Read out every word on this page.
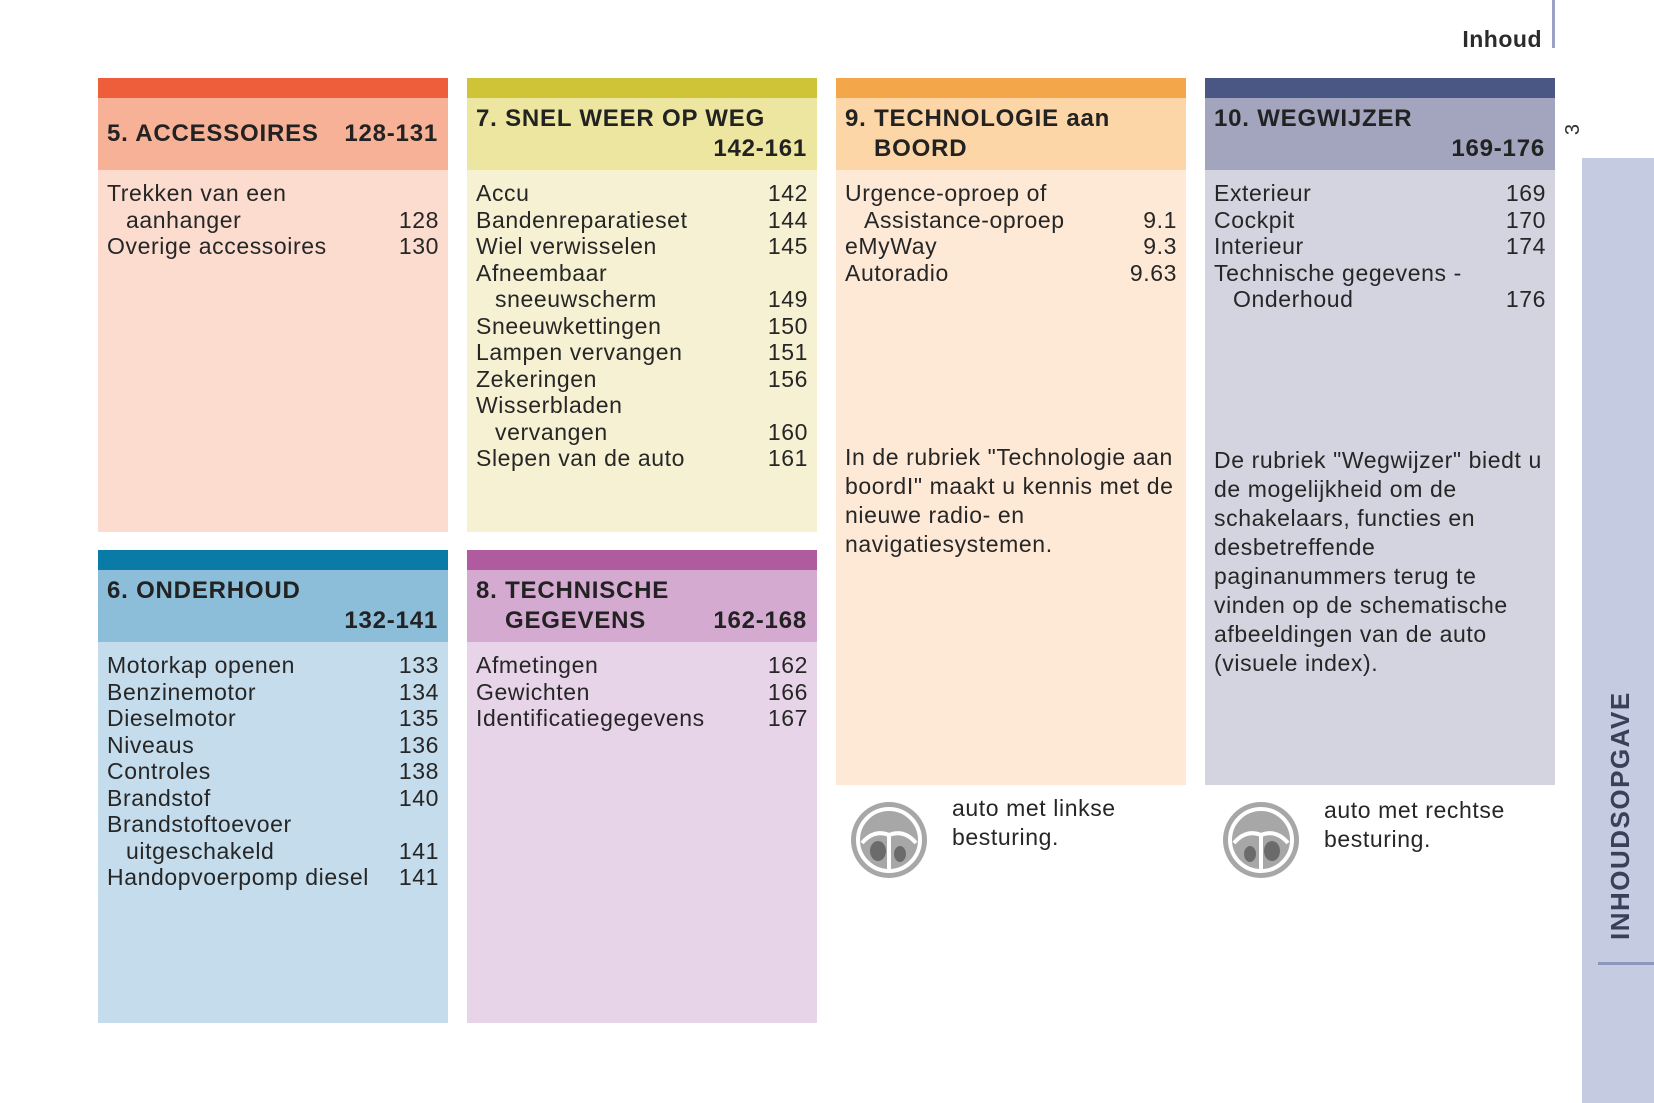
Inhoud
3
INHOUDSOPGAVE
5. ACCESSOIRES 128-131
Trekken van een
aanhanger	128
Overige accessoires	130
7. SNEL WEER OP WEG
142-161
Accu	142
Bandenreparatieset	144
Wiel verwisselen	145
Afneembaar
sneeuwscherm	149
Sneeuwkettingen	150
Lampen vervangen	151
Zekeringen	156
Wisserbladen
vervangen	160
Slepen van de auto	161
9. TECHNOLOGIE aan
BOORD
Urgence-oproep of
Assistance-oproep	9.1
eMyWay	9.3
Autoradio	9.63
In de rubriek "Technologie aan boordI" maakt u kennis met de nieuwe radio- en navigatiesystemen.
10. WEGWIJZER
169-176
Exterieur	169
Cockpit	170
Interieur	174
Technische gegevens -
Onderhoud	176
De rubriek "Wegwijzer" biedt u de mogelijkheid om de schakelaars, functies en desbetreffende paginanummers terug te vinden op de schematische afbeeldingen van de auto (visuele index).
6. ONDERHOUD
132-141
Motorkap openen	133
Benzinemotor	134
Dieselmotor	135
Niveaus	136
Controles	138
Brandstof	140
Brandstoftoevoer
uitgeschakeld	141
Handopvoerpomp diesel 141
8. TECHNISCHE
GEGEVENS	162-168
Afmetingen	162
Gewichten	166
Identificatiegegevens	167
auto met linkse besturing.
auto met rechtse besturing.
